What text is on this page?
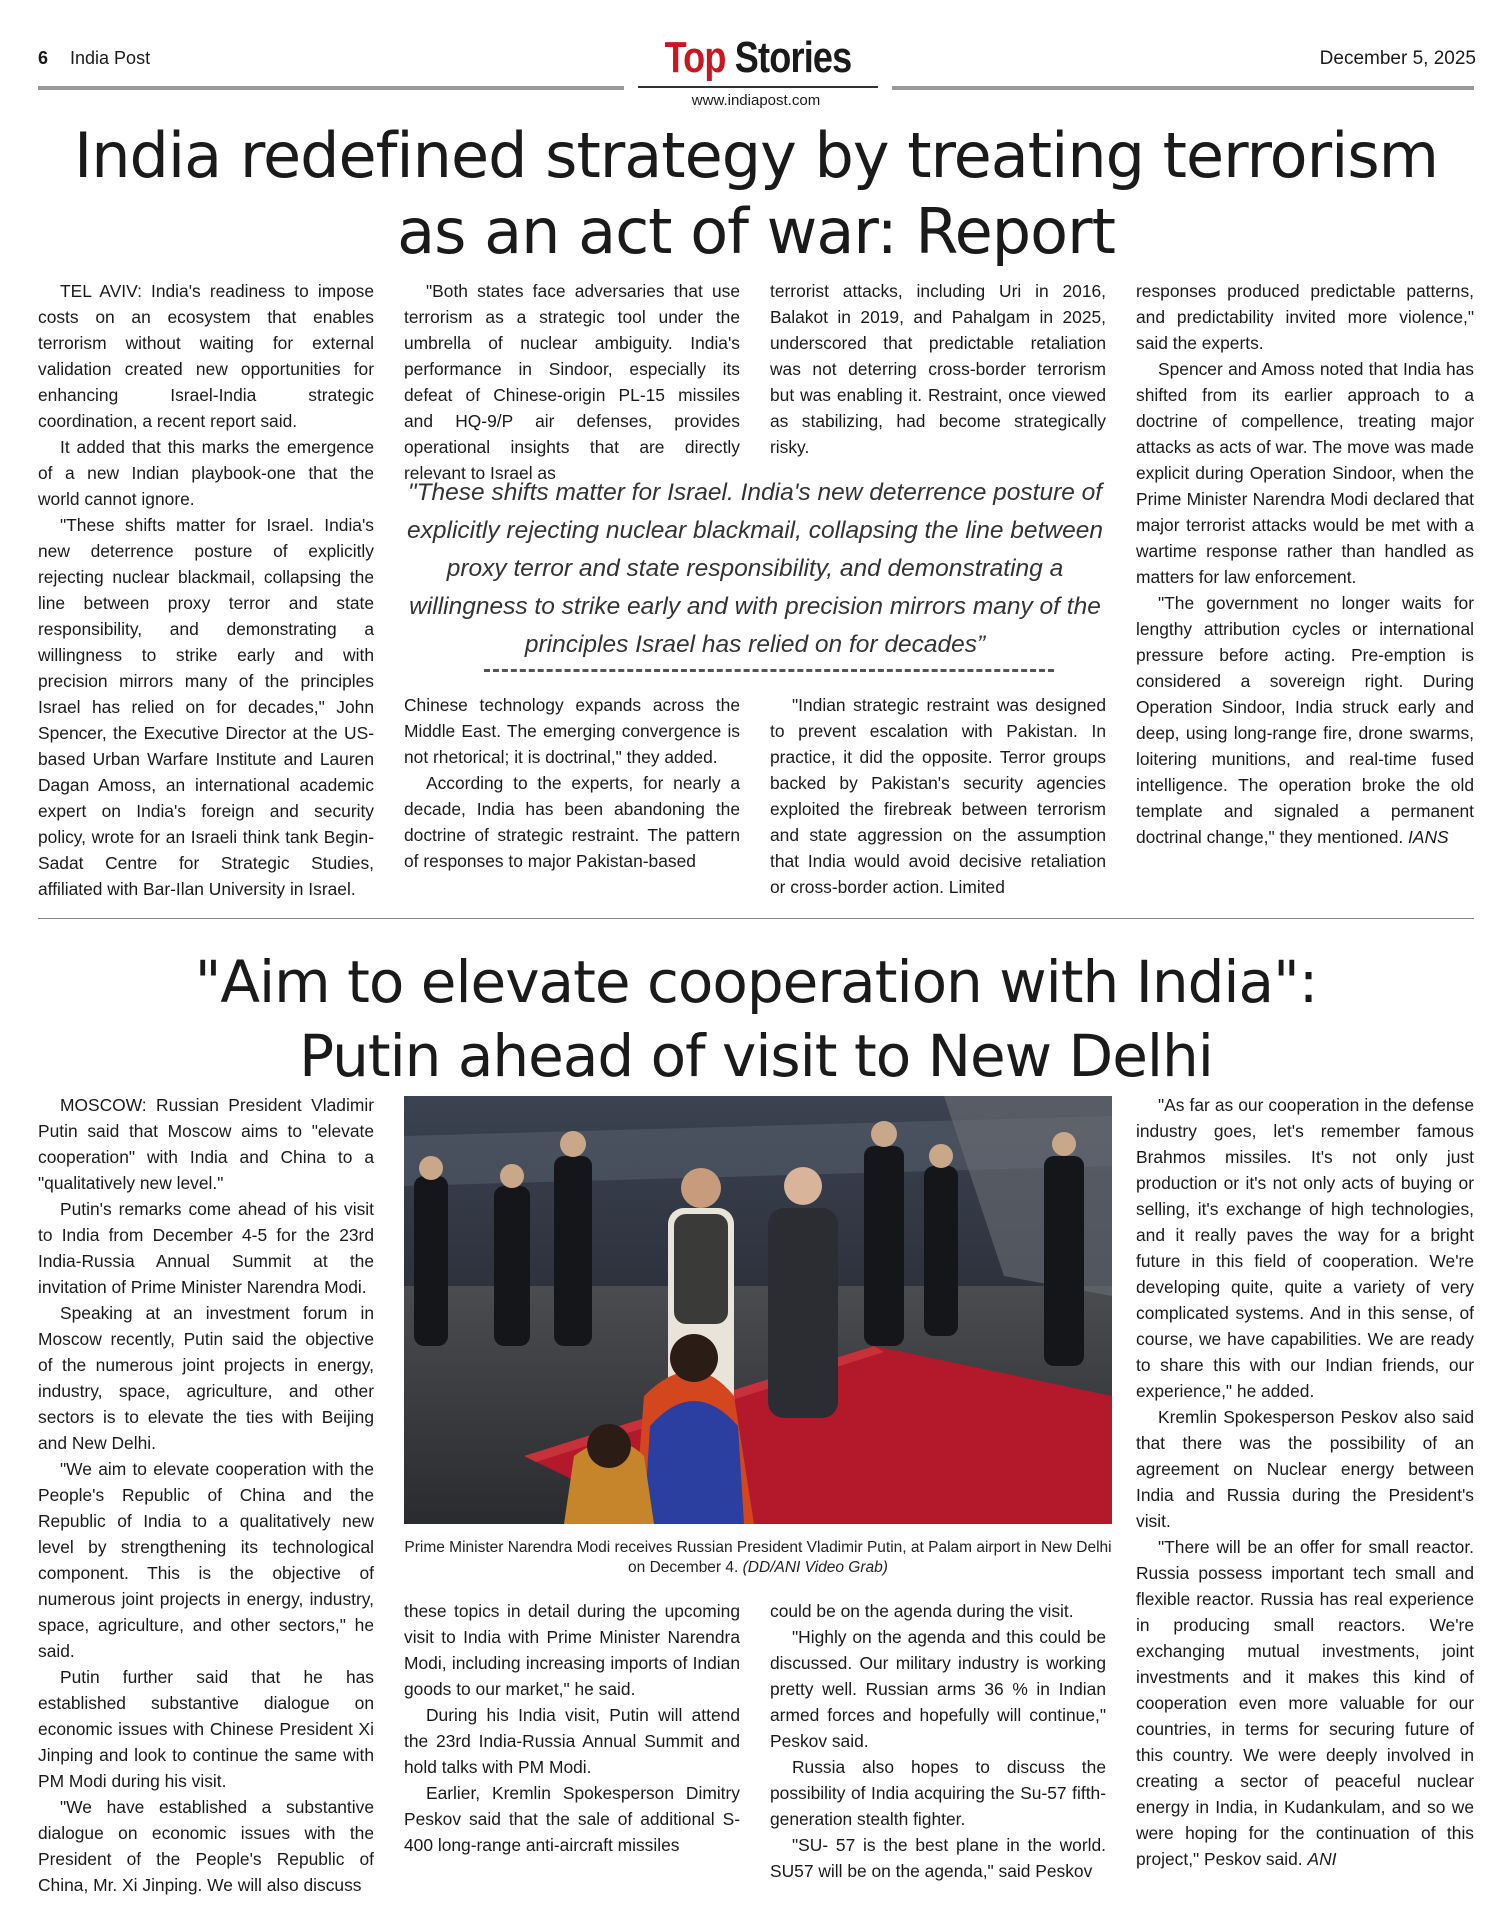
6 India Post	Top Stories
www.indiapost.com
December 5, 2025
India redefined strategy by treating terrorism
as an act of war: Report

TEL AVIV: India's readiness to impose costs on an ecosystem that enables terrorism without waiting for external validation created new opportunities for enhancing Israel-India strategic coordination, a recent report said.

It added that this marks the emergence of a new Indian playbook-one that the world cannot ignore.

"These shifts matter for Israel. India's new deterrence posture of explicitly rejecting nuclear blackmail, collapsing the line between proxy terror and state responsibility, and demonstrating a willingness to strike early and with precision mirrors many of the principles Israel has relied on for decades," John Spencer, the Executive Director at the US-based Urban Warfare Institute and Lauren Dagan Amoss, an international academic expert on India's foreign and security policy, wrote for an Israeli think tank Begin-Sadat Centre for Strategic Studies, affiliated with Bar-Ilan University in Israel.

"Both states face adversaries that use terrorism as a strategic tool under the umbrella of nuclear ambiguity. India's performance in Sindoor, especially its defeat of Chinese-origin PL-15 missiles and HQ-9/P air defenses, provides operational insights that are directly relevant to Israel as

terrorist attacks, including Uri in 2016, Balakot in 2019, and Pahalgam in 2025, underscored that predictable retaliation was not deterring cross-border terrorism but was enabling it. Restraint, once viewed as stabilizing, had become strategically risky.

"These shifts matter for Israel. India's new deterrence posture of explicitly rejecting nuclear blackmail, collapsing the line between proxy terror and state responsibility, and demonstrating a willingness to strike early and with precision mirrors many of the principles Israel has relied on for decades”

Chinese technology expands across the Middle East. The emerging convergence is not rhetorical; it is doctrinal," they added.

According to the experts, for nearly a decade, India has been abandoning the doctrine of strategic restraint. The pattern of responses to major Pakistan-based

"Indian strategic restraint was designed to prevent escalation with Pakistan. In practice, it did the opposite. Terror groups backed by Pakistan's security agencies exploited the firebreak between terrorism and state aggression on the assumption that India would avoid decisive retaliation or cross-border action. Limited

responses produced predictable patterns, and predictability invited more violence," said the experts.

Spencer and Amoss noted that India has shifted from its earlier approach to a doctrine of compellence, treating major attacks as acts of war. The move was made explicit during Operation Sindoor, when the Prime Minister Narendra Modi declared that major terrorist attacks would be met with a wartime response rather than handled as matters for law enforcement.

"The government no longer waits for lengthy attribution cycles or international pressure before acting. Pre-emption is considered a sovereign right. During Operation Sindoor, India struck early and deep, using long-range fire, drone swarms, loitering munitions, and real-time fused intelligence. The operation broke the old template and signaled a permanent doctrinal change," they mentioned. IANS

"Aim to elevate cooperation with India":
Putin ahead of visit to New Delhi

MOSCOW: Russian President Vladimir Putin said that Moscow aims to "elevate cooperation" with India and China to a "qualitatively new level."

Putin's remarks come ahead of his visit to India from December 4-5 for the 23rd India-Russia Annual Summit at the invitation of Prime Minister Narendra Modi.

Speaking at an investment forum in Moscow recently, Putin said the objective of the numerous joint projects in energy, industry, space, agriculture, and other sectors is to elevate the ties with Beijing and New Delhi.

"We aim to elevate cooperation with the People's Republic of China and the Republic of India to a qualitatively new level by strengthening its technological component. This is the objective of numerous joint projects in energy, industry, space, agriculture, and other sectors," he said.

Putin further said that he has established substantive dialogue on economic issues with Chinese President Xi Jinping and look to continue the same with PM Modi during his visit.

"We have established a substantive dialogue on economic issues with the President of the People's Republic of China, Mr. Xi Jinping. We will also discuss

Prime Minister Narendra Modi receives Russian President Vladimir Putin, at Palam airport in New Delhi on December 4. (DD/ANI Video Grab)

these topics in detail during the upcoming visit to India with Prime Minister Narendra Modi, including increasing imports of Indian goods to our market," he said.

During his India visit, Putin will attend the 23rd India-Russia Annual Summit and hold talks with PM Modi.

Earlier, Kremlin Spokesperson Dimitry Peskov said that the sale of additional S-400 long-range anti-aircraft missiles

could be on the agenda during the visit.

"Highly on the agenda and this could be discussed. Our military industry is working pretty well. Russian arms 36 % in Indian armed forces and hopefully will continue," Peskov said.

Russia also hopes to discuss the possibility of India acquiring the Su-57 fifth-generation stealth fighter.

"SU- 57 is the best plane in the world. SU57 will be on the agenda," said Peskov

"As far as our cooperation in the defense industry goes, let's remember famous Brahmos missiles. It's not only just production or it's not only acts of buying or selling, it's exchange of high technologies, and it really paves the way for a bright future in this field of cooperation. We're developing quite, quite a variety of very complicated systems. And in this sense, of course, we have capabilities. We are ready to share this with our Indian friends, our experience," he added.

Kremlin Spokesperson Peskov also said that there was the possibility of an agreement on Nuclear energy between India and Russia during the President's visit.

"There will be an offer for small reactor. Russia possess important tech small and flexible reactor. Russia has real experience in producing small reactors. We're exchanging mutual investments, joint investments and it makes this kind of cooperation even more valuable for our countries, in terms for securing future of this country. We were deeply involved in creating a sector of peaceful nuclear energy in India, in Kudankulam, and so we were hoping for the continuation of this project," Peskov said. ANI
